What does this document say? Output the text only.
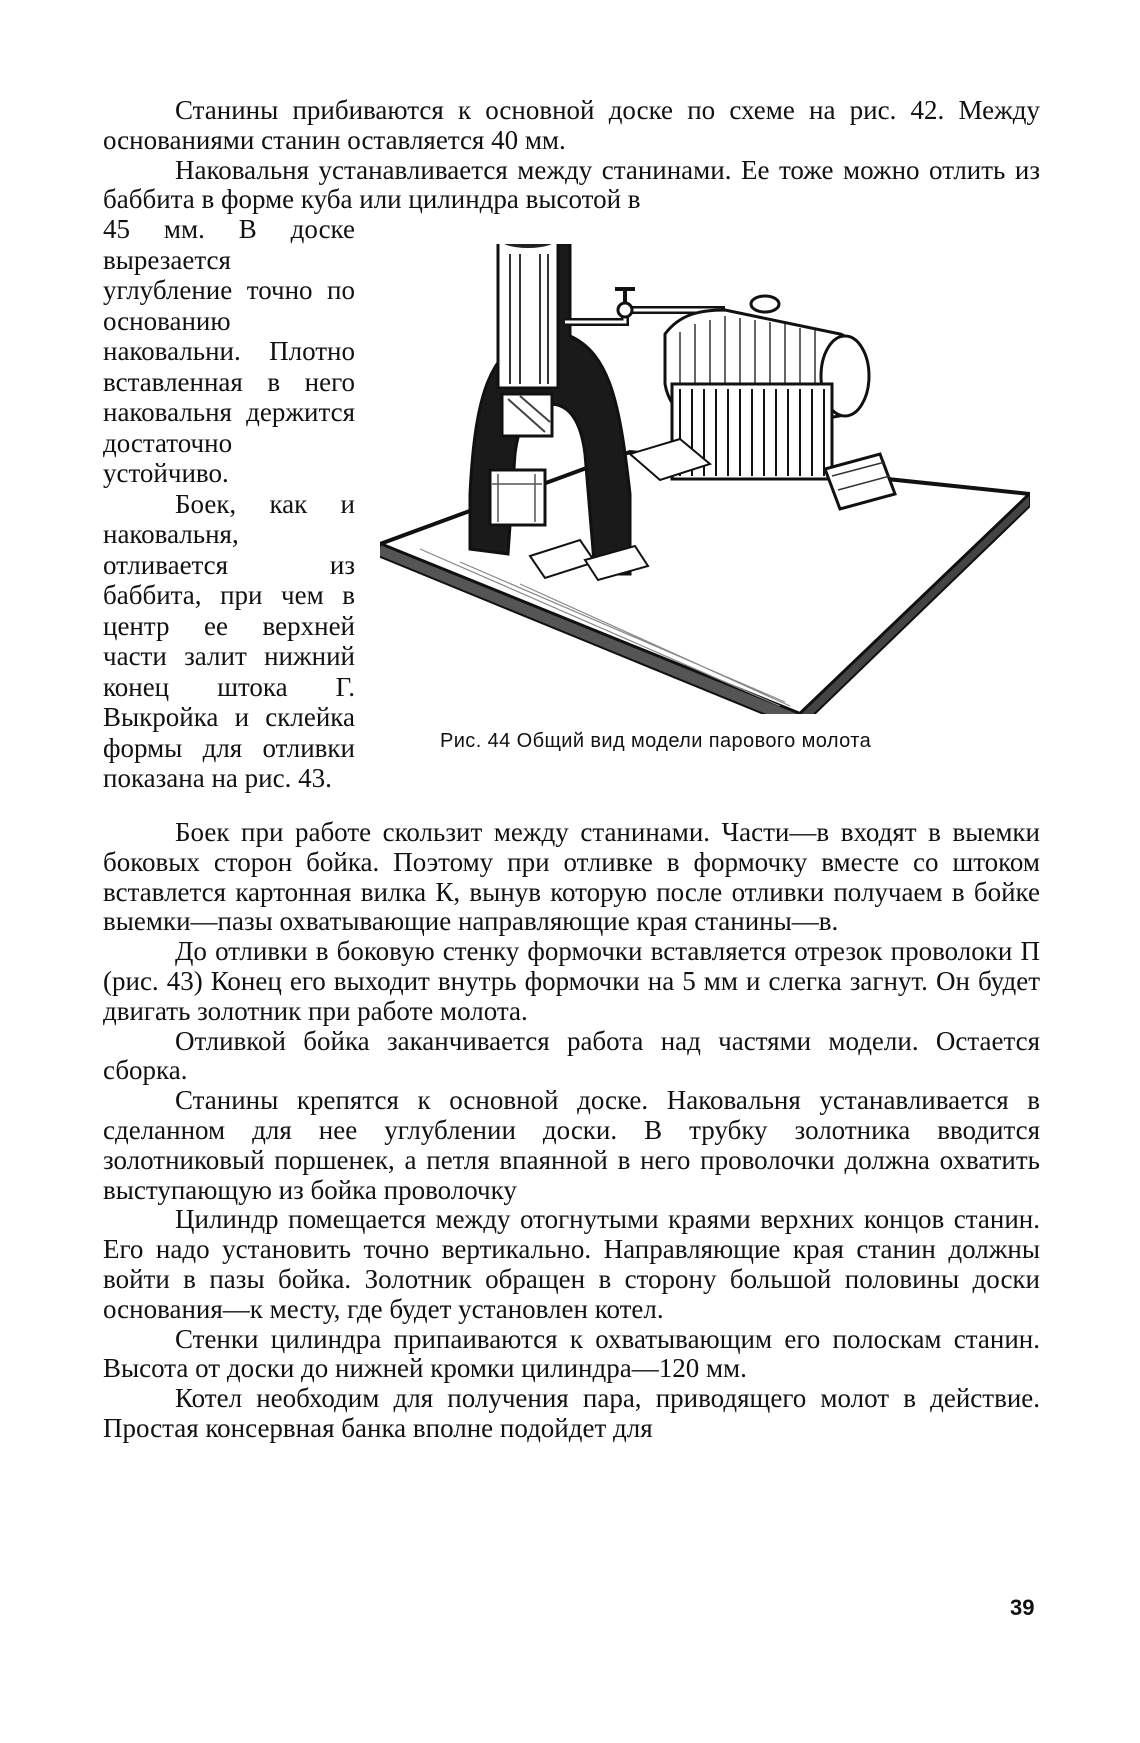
Станины прибиваются к основной доске по схеме на рис. 42. Между основаниями станин оставляется 40 мм.

Наковальня устанавливается между станинами. Ее тоже можно отлить из баббита в форме куба или цилиндра высотой в

45 мм. В доске вырезается углубление точно по основанию наковальни. Плотно вставленная в него наковальня держится достаточно устойчиво.

Боек, как и наковальня, отливается из баббита, при чем в центр ее верхней части залит нижний конец штока Г. Выкройка и склейка формы для отливки показана на рис. 43.

Рис. 44 Общий вид модели парового молота

Боек при работе скользит между станинами. Части—в входят в выемки боковых сторон бойка. Поэтому при отливке в формочку вместе со штоком вставлется картонная вилка К, вынув которую после отливки получаем в бойке выемки—пазы охватывающие направляющие края станины—в.

До отливки в боковую стенку формочки вставляется отрезок проволоки П (рис. 43) Конец его выходит внутрь формочки на 5 мм и слегка загнут. Он будет двигать золотник при работе молота.

Отливкой бойка заканчивается работа над частями модели. Остается сборка.

Станины крепятся к основной доске. Наковальня устанавливается в сделанном для нее углублении доски. В трубку золотника вводится золотниковый поршенек, а петля впаянной в него проволочки должна охватить выступающую из бойка проволочку

Цилиндр помещается между отогнутыми краями верхних концов станин. Его надо установить точно вертикально. Направляющие края станин должны войти в пазы бойка. Золотник обращен в сторону большой половины доски основания—к месту, где будет установлен котел.

Стенки цилиндра припаиваются к охватывающим его полоскам станин. Высота от доски до нижней кромки цилиндра—120 мм.

Котел необходим для получения пара, приводящего молот в действие. Простая консервная банка вполне подойдет для

39
